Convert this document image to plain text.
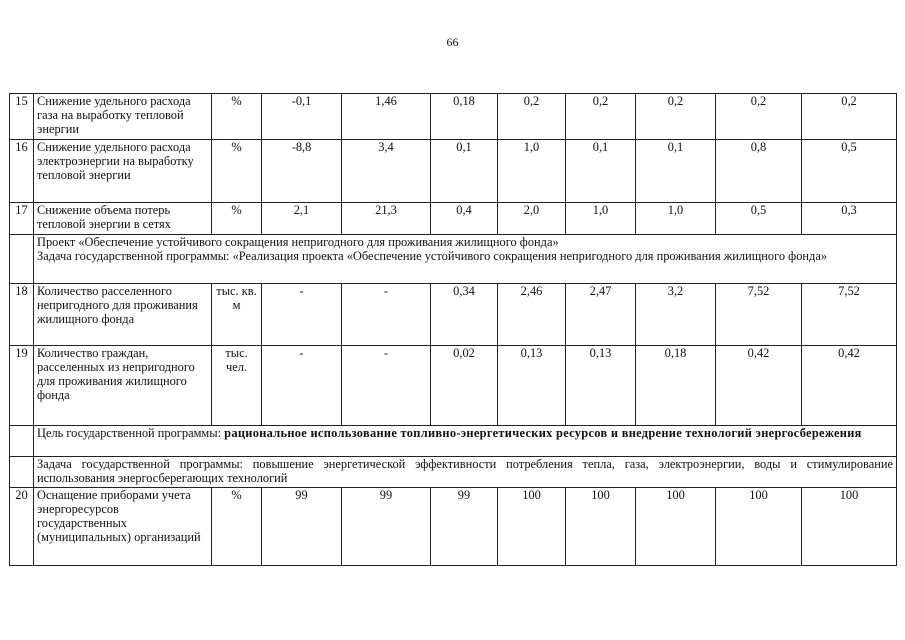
66
15	Снижение удельного расхода газа на выработку тепловой энергии	%	-0,1	1,46	0,18	0,2	0,2	0,2	0,2	0,2
16	Снижение удельного расхода электроэнергии на выработку тепловой энергии	%	-8,8	3,4	0,1	1,0	0,1	0,1	0,8	0,5
17	Снижение объема потерь тепловой энергии в сетях	%	2,1	21,3	0,4	2,0	1,0	1,0	0,5	0,3

	Проект «Обеспечение устойчивого сокращения непригодного для проживания жилищного фонда»
Задача государственной программы: «Реализация проекта «Обеспечение устойчивого сокращения непригодного для проживания жилищного фонда»									

18	Количество расселенного непригодного для проживания жилищного фонда	тыс. кв. м	-	-	0,34	2,46	2,47	3,2	7,52	7,52
19	Количество граждан, расселенных из непригодного для проживания жилищного фонда	тыс. чел.	-	-	0,02	0,13	0,13	0,18	0,42	0,42
	Цель государственной программы: рациональное использование топливно-энергетических ресурсов и внедрение технологий энергосбережения									

	Задача государственной программы: повышение энергетической эффективности потребления тепла, газа, электроэнергии, воды и стимулирование использования энергосберегающих технологий									

20	Оснащение приборами учета энергоресурсов государственных (муниципальных) организаций	%	99	99	99	100	100	100	100	100
